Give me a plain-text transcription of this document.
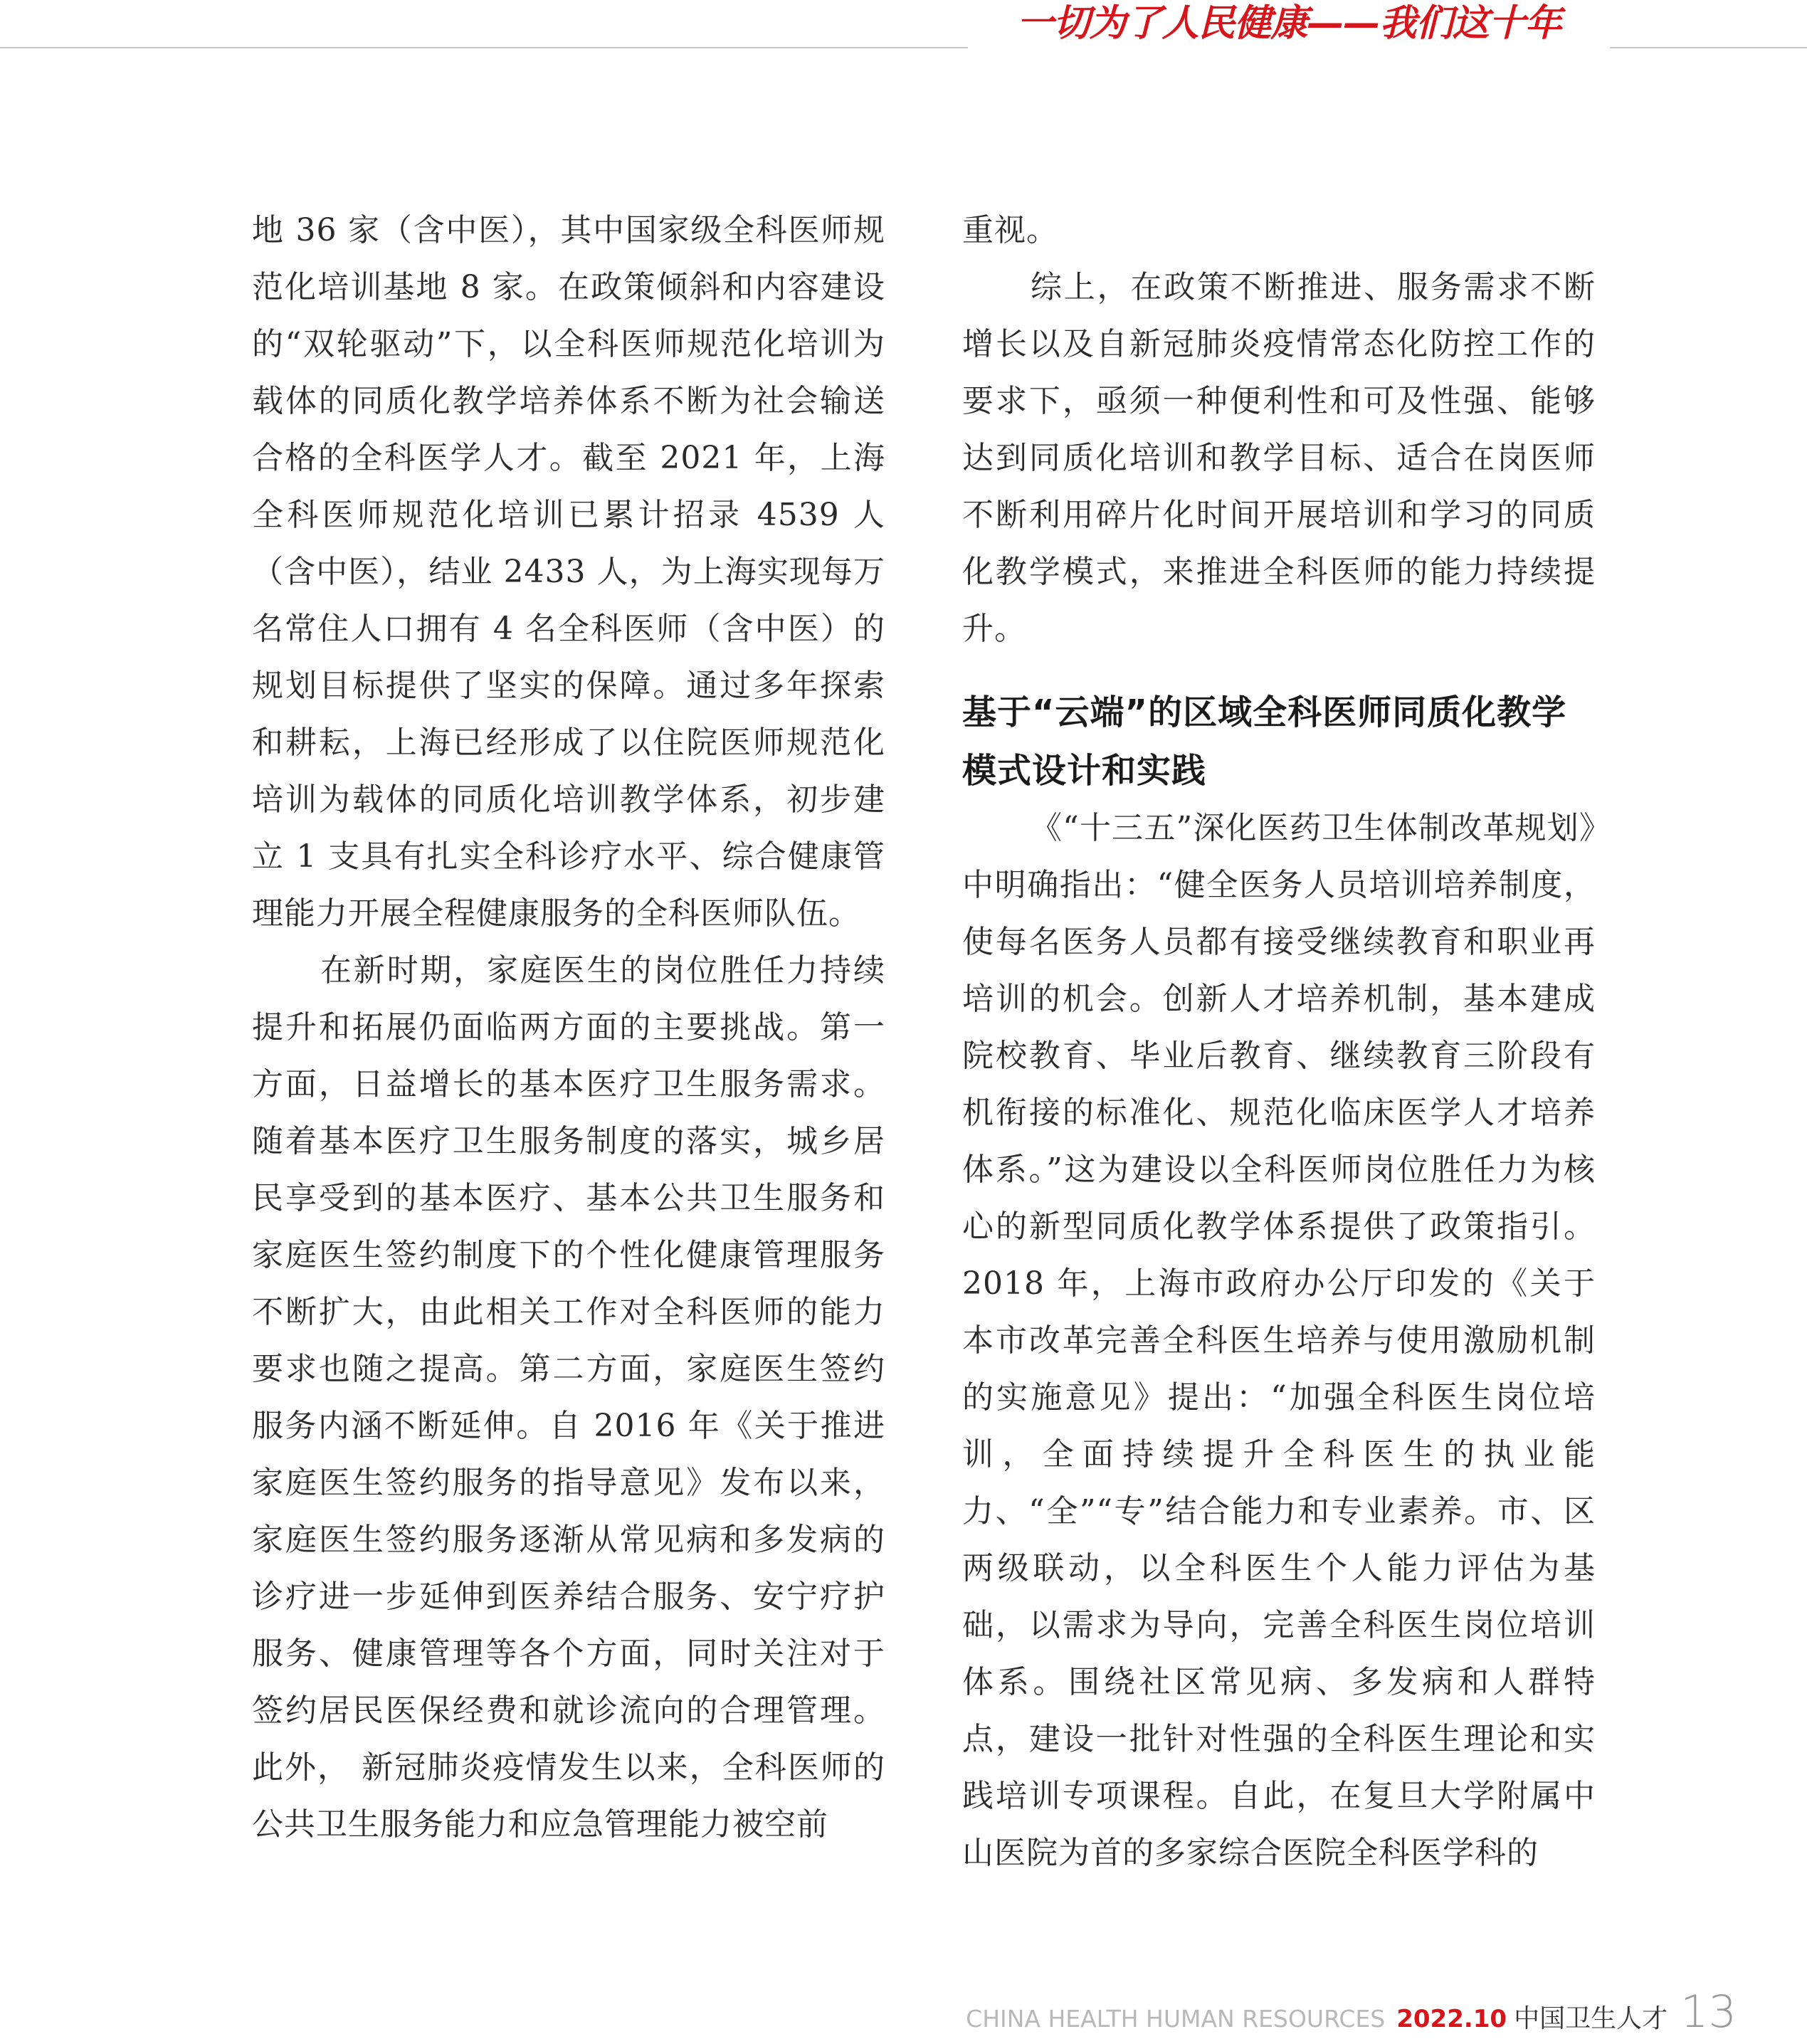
一切为了人民健康——我们这十年

地 36 家（含中医），其中国家级全科医师规范化培训基地 8 家。在政策倾斜和内容建设的“双轮驱动”下，以全科医师规范化培训为载体的同质化教学培养体系不断为社会输送合格的全科医学人才。截至 2021 年，上海全科医师规范化培训已累计招录 4539 人（含中医），结业 2433 人，为上海实现每万名常住人口拥有 4 名全科医师（含中医）的规划目标提供了坚实的保障。通过多年探索和耕耘，上海已经形成了以住院医师规范化培训为载体的同质化培训教学体系，初步建立 1 支具有扎实全科诊疗水平、综合健康管理能力开展全程健康服务的全科医师队伍。

在新时期，家庭医生的岗位胜任力持续提升和拓展仍面临两方面的主要挑战。第一方面，日益增长的基本医疗卫生服务需求。随着基本医疗卫生服务制度的落实，城乡居民享受到的基本医疗、基本公共卫生服务和家庭医生签约制度下的个性化健康管理服务不断扩大，由此相关工作对全科医师的能力要求也随之提高。第二方面，家庭医生签约服务内涵不断延伸。自 2016 年《关于推进家庭医生签约服务的指导意见》发布以来，家庭医生签约服务逐渐从常见病和多发病的诊疗进一步延伸到医养结合服务、安宁疗护服务、健康管理等各个方面，同时关注对于签约居民医保经费和就诊流向的合理管理。此外， 新冠肺炎疫情发生以来，全科医师的公共卫生服务能力和应急管理能力被空前

重视。

综上，在政策不断推进、服务需求不断增长以及自新冠肺炎疫情常态化防控工作的要求下，亟须一种便利性和可及性强、能够达到同质化培训和教学目标、适合在岗医师不断利用碎片化时间开展培训和学习的同质化教学模式，来推进全科医师的能力持续提升。

基于“云端”的区域全科医师同质化教学模式设计和实践

《“十三五”深化医药卫生体制改革规划》中明确指出：“健全医务人员培训培养制度，使每名医务人员都有接受继续教育和职业再培训的机会。创新人才培养机制，基本建成院校教育、毕业后教育、继续教育三阶段有机衔接的标准化、规范化临床医学人才培养体系。”这为建设以全科医师岗位胜任力为核心的新型同质化教学体系提供了政策指引。2018 年，上海市政府办公厅印发的《关于本市改革完善全科医生培养与使用激励机制的实施意见》提出：“加强全科医生岗位培训，全面持续提升全科医生的执业能力、“全”“专”结合能力和专业素养。市、区两级联动，以全科医生个人能力评估为基础，以需求为导向，完善全科医生岗位培训体系。围绕社区常见病、多发病和人群特点，建设一批针对性强的全科医生理论和实践培训专项课程。自此，在复旦大学附属中山医院为首的多家综合医院全科医学科的

CHINA HEALTH HUMAN RESOURCES 2022.10 中国卫生人才 13
